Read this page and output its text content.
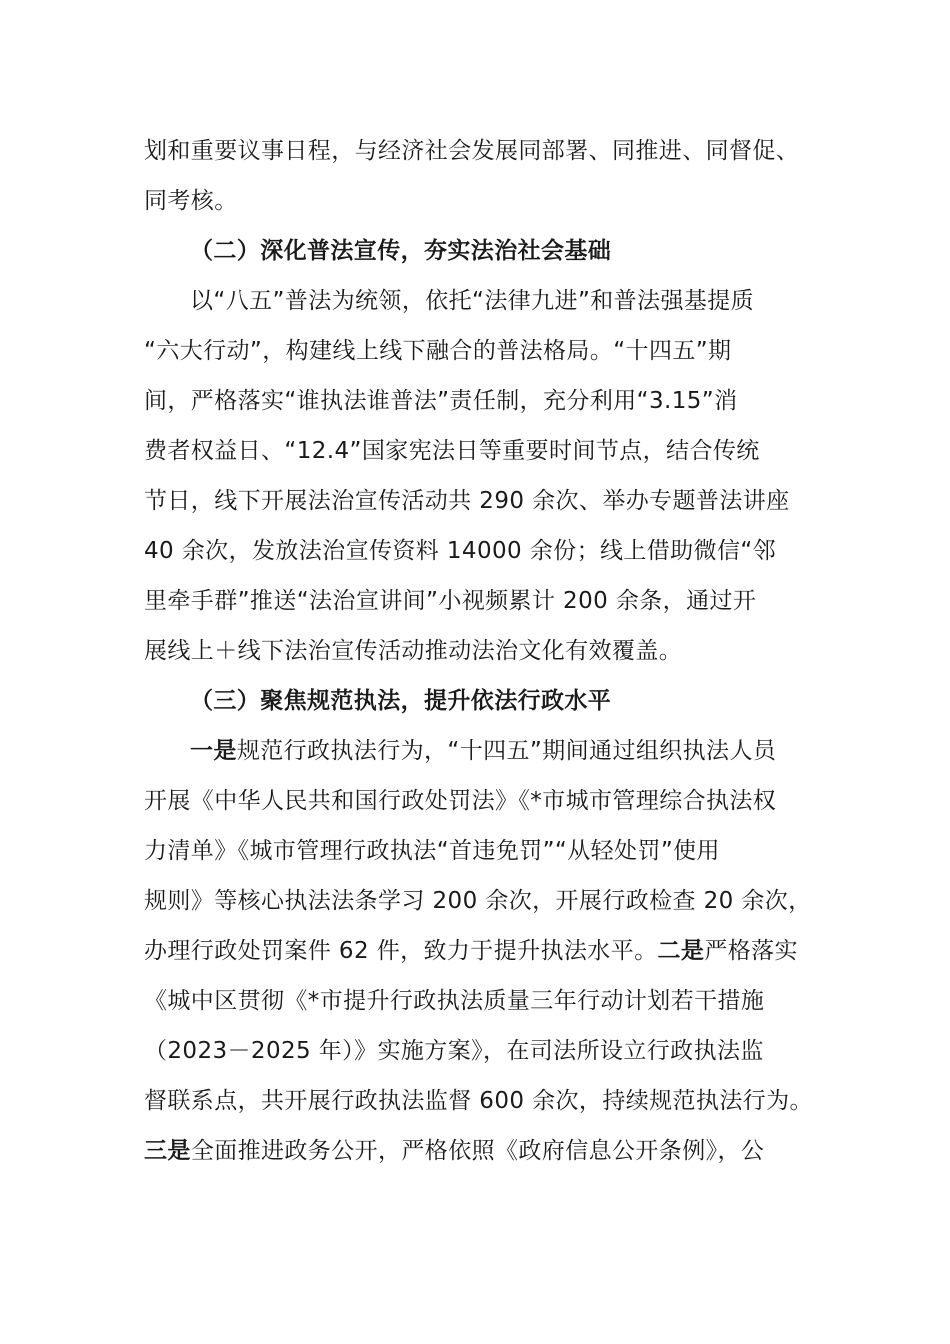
划和重要议事日程，与经济社会发展同部署、同推进、同督促、
同考核。
（二）深化普法宣传，夯实法治社会基础
以“八五”普法为统领，依托“法律九进”和普法强基提质
“六大行动”，构建线上线下融合的普法格局。“十四五”期
间，严格落实“谁执法谁普法”责任制，充分利用“3.15”消
费者权益日、“12.4”国家宪法日等重要时间节点，结合传统
节日，线下开展法治宣传活动共 290 余次、举办专题普法讲座
40 余次，发放法治宣传资料 14000 余份；线上借助微信“邻
里牵手群”推送“法治宣讲间”小视频累计 200 余条，通过开
展线上＋线下法治宣传活动推动法治文化有效覆盖。
（三）聚焦规范执法，提升依法行政水平
一是规范行政执法行为，“十四五”期间通过组织执法人员
开展《中华人民共和国行政处罚法》《*市城市管理综合执法权
力清单》《城市管理行政执法“首违免罚”“从轻处罚”使用
规则》等核心执法法条学习 200 余次，开展行政检查 20 余次，
办理行政处罚案件 62 件，致力于提升执法水平。二是严格落实
《城中区贯彻《*市提升行政执法质量三年行动计划若干措施
（2023－2025 年）》实施方案》，在司法所设立行政执法监
督联系点，共开展行政执法监督 600 余次，持续规范执法行为。
三是全面推进政务公开，严格依照《政府信息公开条例》，公
